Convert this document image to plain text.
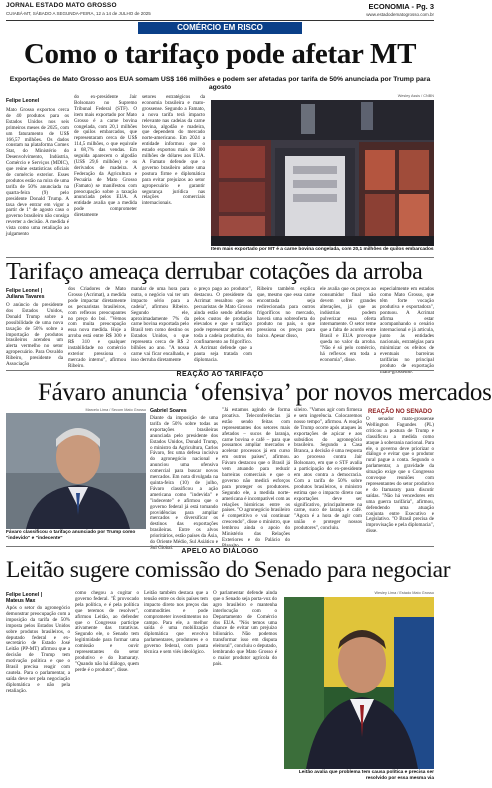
JORNAL ESTADO MATO GROSSO
CUIABÁ-MT, SÁBADO A SEGUNDA-FEIRA, 12 a 14 de JULHO de 2025
ECONOMIA - Pg. 3
www.estadodematogrosso.com.br
COMÉRCIO EM RISCO
Como o tarifaço pode afetar MT
Exportações de Mato Grosso aos EUA somam US$ 166 milhões e podem ser afetadas por tarifa de 50% anunciada por Trump para agosto
Felipe Leonel
Mato Grosso exportou cerca de 40 produtos para os Estados Unidos nos seis primeiros meses de 2025, com um faturamento de US$ 166,57 milhões. Os dados constam na plataforma Comex Stat, do Ministério do Desenvolvimento, Indústria, Comércio e Serviços (MDIC), que reúne estatísticas oficiais de comércio exterior. Esses produtos estão na mira de uma tarifa de 50% anunciada na quarta-feira (9) pelo presidente Donald Trump. A taxa deve entrar em vigor a partir de 1º de agosto caso o governo brasileiro não consiga reverter a decisão. A medida é vista como uma retaliação ao julgamento
do ex-presidente Jair Bolsonaro no Supremo Tribunal Federal (STF). O item mais exportado por Mato Grosso é a carne bovina congelada, com 20,1 milhões de quilos embarcados, que representaram cerca de US$ 114,5 milhões, o que equivale a 68,7% das vendas. Em seguida aparecem o algodão (US$ 29,6 milhões) e os derivados de madeira. A Federação da Agricultura e Pecuária de Mato Grosso (Famato) se manifestou com preocupação sobre a taxação anunciada pelos EUA. A entidade avalia que a medida pode comprometer diretamente
setores estratégicos da economia brasileira e mato-grossense. Segundo a Famato, a nova tarifa terá impacto relevante nas cadeias da carne bovina, algodão e madeira, que dependem do mercado norte-americano. Em 2024 a entidade informou que o estado exportou mais de 300 milhões de dólares aos EUA. A Famato defende que o governo brasileiro adote uma postura firme e diplomática para evitar prejuízos ao setor agropecuário e garantir segurança jurídica nas relações comerciais internacionais.
Wesley Assis / CNBN
Item mais exportado por MT é a carne bovina congelada, com 20,1 milhões de quilos embarcados
Tarifaço ameaça derrubar cotações da arroba
Felipe Leonel |
Juliana Tavares
O anúncio do presidente dos Estados Unidos, Donald Trump sobre a possibilidade de uma nova taxação de 50% sobre a importação de produtos brasileiros acendeu um alerta vermelho no setor agropecuário. Para Osvaldo Ribeiro, presidente da Associação
dos Criadores de Mato Grosso (Acrimat), a medida pode impactar diretamente os pecuaristas brasileiros, com reflexos preocupantes no preço do boi. "Vemos com muita preocupação essa nova medida. Hoje a arroba está entre R$ 300 e R$ 310 e qualquer instabilidade no comércio exterior pressiona o mercado interno", afirmou Ribeiro.
mandar de uma hora para outra, o negócio vai ter um impacto sério para a cadeia", afirmou Ribeiro. Segundo ele, aproximadamente 7% da carne bovina exportada pelo Brasil tem como destino os Estados Unidos, o que representa cerca de R$ 2 bilhões ao ano. "A nossa carne vai ficar encalhada, e isso derruba diretamente
o preço pago ao produtor", destacou. O presidente da Acrimat ressaltou que os pecuaristas de Mato Grosso ainda estão sendo afetados pelos custos de produção elevados e que o tarifaço pode representar perdas em toda a cadeia produtiva, do confinamento ao frigorífico. A Acrimat defende que a pauta seja tratada com diplomacia.
Ribeiro também explica que, mesmo que essa carne encontrada seja redirecionada para outros frigoríficos no mercado, haverá uma sobreoferta do produto no país, o que pressiona os preços para baixo. Apesar disso,
ele avalia que os preços ao consumidor final não devem sofrer grandes alterações, já que as indústrias podem pulverizar essa oferta internamente. O setor teme que a falta de acordo entre Brasil e EUA provoque queda no valor da arroba. "Não é só pelo comércio, há reflexos em toda a economia", disse.
especialmente em estados como Mato Grosso, que têm forte vocação produtiva e exportadora", pontuou. A Acrimat afirma estar acompanhando o cenário internacional e já articula, junto às entidades nacionais, estratégias para minimizar os efeitos de eventuais barreiras tarifárias no principal produto de exportação mato-grossense.
REAÇÃO AO TARIFAÇO
Fávaro anuncia ‘ofensiva’ por novos mercados
Marcelo Lima / Secom Mato Grosso
Fávaro classificou o tarifaço anunciado por Trump como "indevido" e "indecente"
Gabriel Soares
Diante da imposição de uma tarifa de 50% sobre todas as exportações brasileiras anunciada pelo presidente dos Estados Unidos, Donald Trump, o ministro da Agricultura, Carlos Fávaro, fez uma defesa incisiva do agronegócio nacional e anunciou uma ofensiva comercial para buscar novos mercados. Em nota divulgada na quinta-feira (10) de julho, Fávaro classificou a ação americana como "indevida" e "indecente" e afirmou que o governo federal já está tomando providências para ampliar mercados e diversificar os destinos das exportações brasileiras. Entre os alvos prioritários, estão países da Ásia, do Oriente Médio, Sul Asiático e Sul Global.
"Já estamos agindo de forma proativa. Teleconferências já estão sendo feitas com representantes dos setores mais afetados – sucos de laranja, carne bovina e café – para que possamos ampliar mercados e acelerar processos já em curso em outros países", afirmou. Fávaro destacou que o Brasil já vem atuando para reduzir barreiras comerciais e que o governo não medirá esforços para proteger os produtores. Segundo ele, a medida norte-americana é incompatível com as relações históricas entre os países. "O agronegócio brasileiro é competitivo e vai continuar crescendo", disse o ministro, que lembrou ainda o apoio do Ministério das Relações Exteriores e do Palácio do Planalto.
sileiro. "Vamos agir com firmeza e sem ingerência. Colocaremos nosso tempo", afirmou. A reação de Trump ocorre após ataques às exportações de açúcar e aos subsídios do agronegócio brasileiro. Segundo a Casa Branca, a decisão é uma resposta ao processo contra Jair Bolsonaro, em que o STF avalia a participação do ex-presidente em atos contra a democracia. Com a tarifa de 50% sobre produtos brasileiros, o ministro estima que o impacto direto nas exportações deve ser significativo, principalmente na carne, suco de laranja e café. "Agora é a hora de agir com união e proteger nossos produtores", concluiu.
REAÇÃO NO SENADO
O senador mato-grossense Wellington Fagundes (PL) criticou a postura de Trump e classificou a medida como ataque à soberania nacional. Para ele, o governo deve priorizar o diálogo e evitar que o produtor rural pague a conta. Segundo o parlamentar, a gravidade da situação exige que o Congresso convoque reuniões com representantes do setor produtivo e do Itamaraty para discutir saídas. "Não há vencedores em uma guerra tarifária", afirmou, defendendo uma atuação conjunta entre Executivo e Legislativo. "O Brasil precisa de improvisação e pela diplomacia", disse.
APELO AO DIÁLOGO
Leitão sugere comissão do Senado para negociar
Felipe Leonel |
Mateus Max
Após o setor do agronegócio demonstrar preocupação com a imposição da tarifa de 50% imposta pelos Estados Unidos sobre produtos brasileiros, o deputado federal e ex-secretário de Estado José Leitão (PP-MT) afirmou que a decisão de Trump tem motivação política e que o Brasil precisa reagir com cautela. Para o parlamentar, a saída deve ser pela negociação diplomática e não pela retaliação.
como chegou a cogitar o governo federal. "É provocado pela política, e é pela política que teremos de resolver", afirmou Leitão, ao defender que o Congresso participe ativamente das tratativas. Segundo ele, o Senado tem legitimidade para formar uma comissão e ouvir representantes do setor produtivo e do Itamaraty. "Quando não há diálogo, quem perde é o produtor", disse.
Leitão também destaca que a tensão entre os dois países tem impacto direto nos preços das commodities e pode comprometer investimentos no campo. Para ele, a melhor saída é uma mobilização diplomática que envolva parlamentares, produtores e o governo federal, com pauta técnica e sem viés ideológico.
O parlamentar defende ainda que o Senado seja porta-voz do agro brasileiro e mantenha interlocução com o Departamento de Comércio dos EUA. "Nós temos uma chance de evitar um prejuízo bilionário. Não podemos transformar isso em disputa eleitoral", concluiu o deputado, lembrando que Mato Grosso é o maior produtor agrícola do país.
Wesley Lima / Estado Mato Grosso
Leitão avalia que problema tem causa política e precisa ser resolvido por essa mesma via
